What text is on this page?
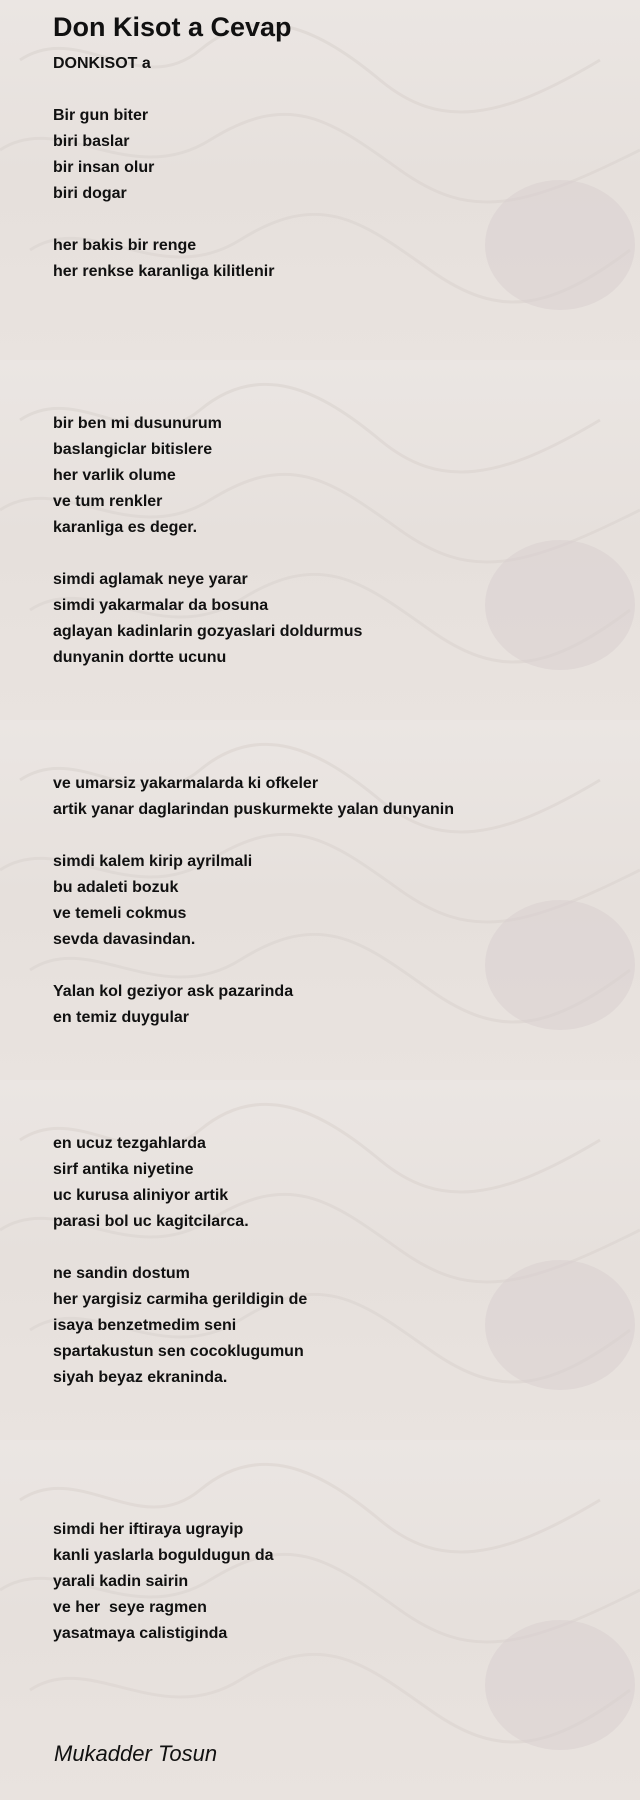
Don Kisot a Cevap
DONKISOT a
Bir gun biter
biri baslar
bir insan olur
biri dogar
her bakis bir renge
her renkse karanliga kilitlenir
bir ben mi dusunurum
baslangiclar bitislere
her varlik olume
ve tum renkler
karanliga es deger.
simdi aglamak neye yarar
simdi yakarmalar da bosuna
aglayan kadinlarin gozyaslari doldurmus
dunyanin dortte ucunu
ve umarsiz yakarmalarda ki ofkeler
artik yanar daglarindan puskurmekte yalan dunyanin
simdi kalem kirip ayrilmali
bu adaleti bozuk
ve temeli cokmus
sevda davasindan.
Yalan kol geziyor ask pazarinda
en temiz duygular
en ucuz tezgahlarda
sirf antika niyetine
uc kurusa aliniyor artik
parasi bol uc kagitcilarca.
ne sandin dostum
her yargisiz carmiha gerildigin de
isaya benzetmedim seni
spartakustun sen cocoklugumun
siyah beyaz ekraninda.
simdi her iftiraya ugrayip
kanli yaslarla boguldugun da
yarali kadin sairin
ve her  seye ragmen
yasatmaya calistiginda
Mukadder Tosun
